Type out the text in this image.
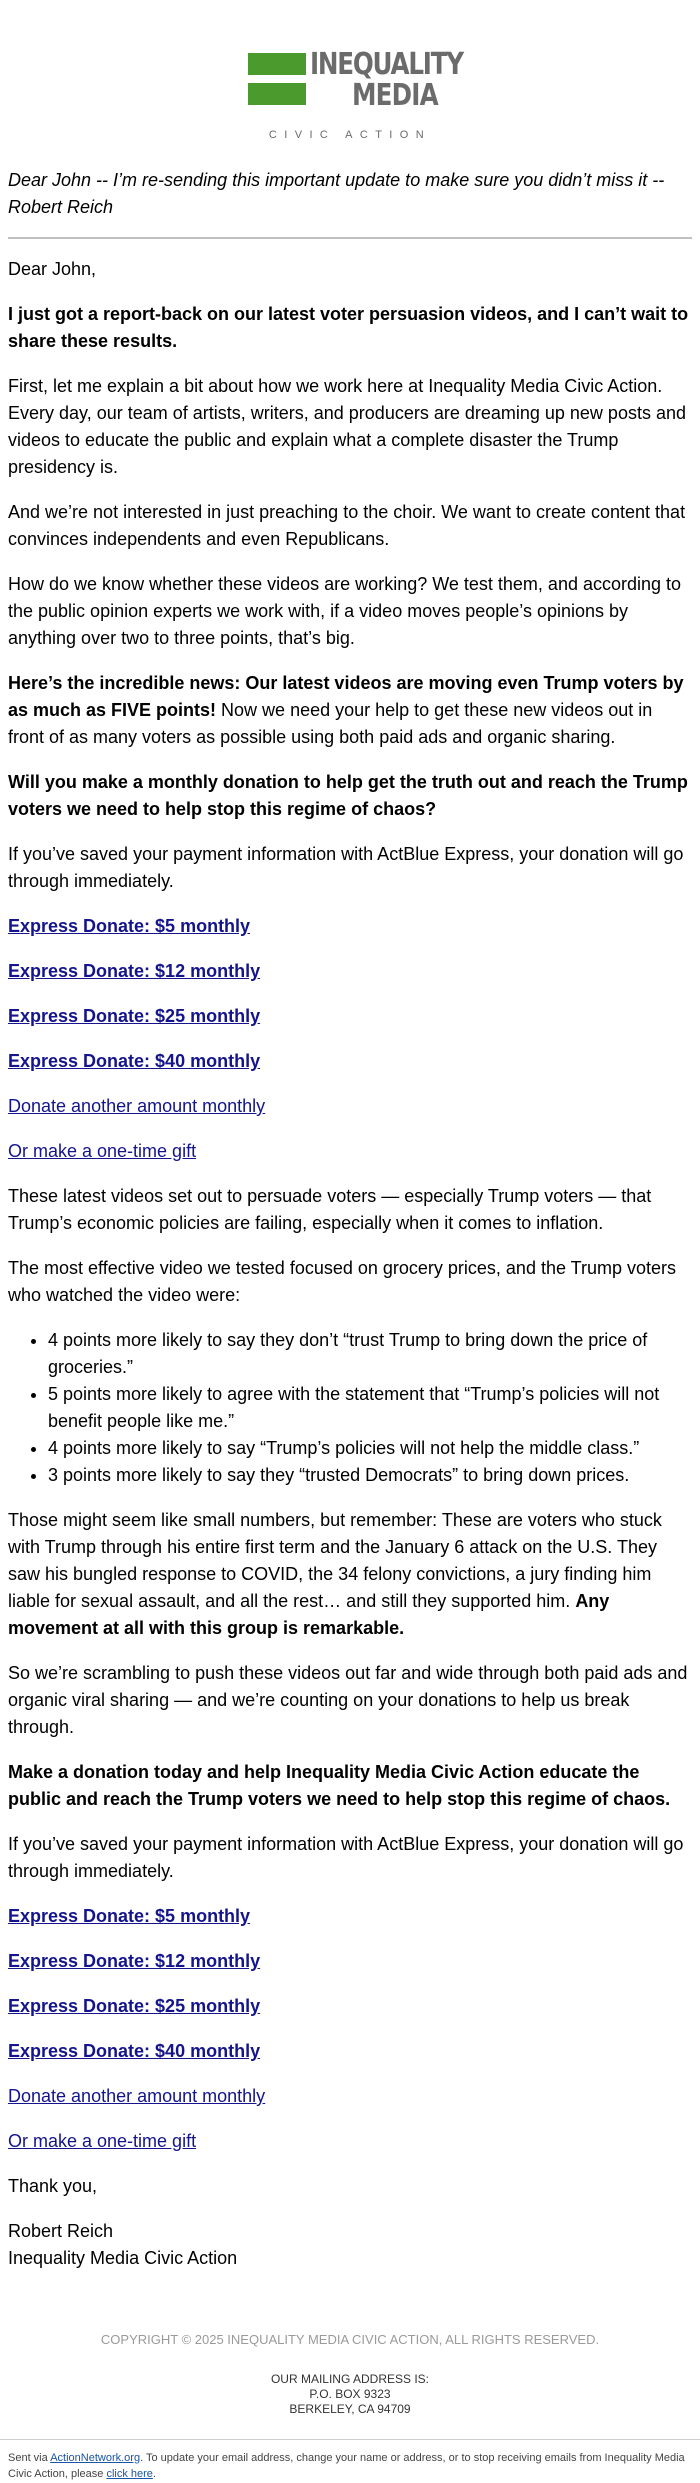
INEQUALITY
MEDIA
CIVIC ACTION
Dear John -- I’m re-sending this important update to make sure you didn’t miss it -- Robert Reich

Dear John,

I just got a report-back on our latest voter persuasion videos, and I can’t wait to share these results.

First, let me explain a bit about how we work here at Inequality Media Civic Action. Every day, our team of artists, writers, and producers are dreaming up new posts and videos to educate the public and explain what a complete disaster the Trump presidency is.

And we’re not interested in just preaching to the choir. We want to create content that convinces independents and even Republicans.

How do we know whether these videos are working? We test them, and according to the public opinion experts we work with, if a video moves people’s opinions by anything over two to three points, that’s big.

Here’s the incredible news: Our latest videos are moving even Trump voters by as much as FIVE points! Now we need your help to get these new videos out in front of as many voters as possible using both paid ads and organic sharing.

Will you make a monthly donation to help get the truth out and reach the Trump voters we need to help stop this regime of chaos?

If you’ve saved your payment information with ActBlue Express, your donation will go through immediately.

Express Donate: $5 monthly

Express Donate: $12 monthly

Express Donate: $25 monthly

Express Donate: $40 monthly

Donate another amount monthly

Or make a one-time gift

These latest videos set out to persuade voters — especially Trump voters — that Trump’s economic policies are failing, especially when it comes to inflation.

The most effective video we tested focused on grocery prices, and the Trump voters who watched the video were:

• 4 points more likely to say they don’t “trust Trump to bring down the price of groceries.”
• 5 points more likely to agree with the statement that “Trump’s policies will not benefit people like me.”
• 4 points more likely to say “Trump’s policies will not help the middle class.”
• 3 points more likely to say they “trusted Democrats” to bring down prices.

Those might seem like small numbers, but remember: These are voters who stuck with Trump through his entire first term and the January 6 attack on the U.S. They saw his bungled response to COVID, the 34 felony convictions, a jury finding him liable for sexual assault, and all the rest… and still they supported him. Any movement at all with this group is remarkable.

So we’re scrambling to push these videos out far and wide through both paid ads and organic viral sharing — and we’re counting on your donations to help us break through.

Make a donation today and help Inequality Media Civic Action educate the public and reach the Trump voters we need to help stop this regime of chaos.

If you’ve saved your payment information with ActBlue Express, your donation will go through immediately.

Express Donate: $5 monthly

Express Donate: $12 monthly

Express Donate: $25 monthly

Express Donate: $40 monthly

Donate another amount monthly

Or make a one-time gift

Thank you,

Robert Reich
Inequality Media Civic Action

COPYRIGHT © 2025 INEQUALITY MEDIA CIVIC ACTION, ALL RIGHTS RESERVED.
OUR MAILING ADDRESS IS:
P.O. BOX 9323
BERKELEY, CA 94709
Sent via ActionNetwork.org. To update your email address, change your name or address, or to stop receiving emails from Inequality Media Civic Action, please click here.
